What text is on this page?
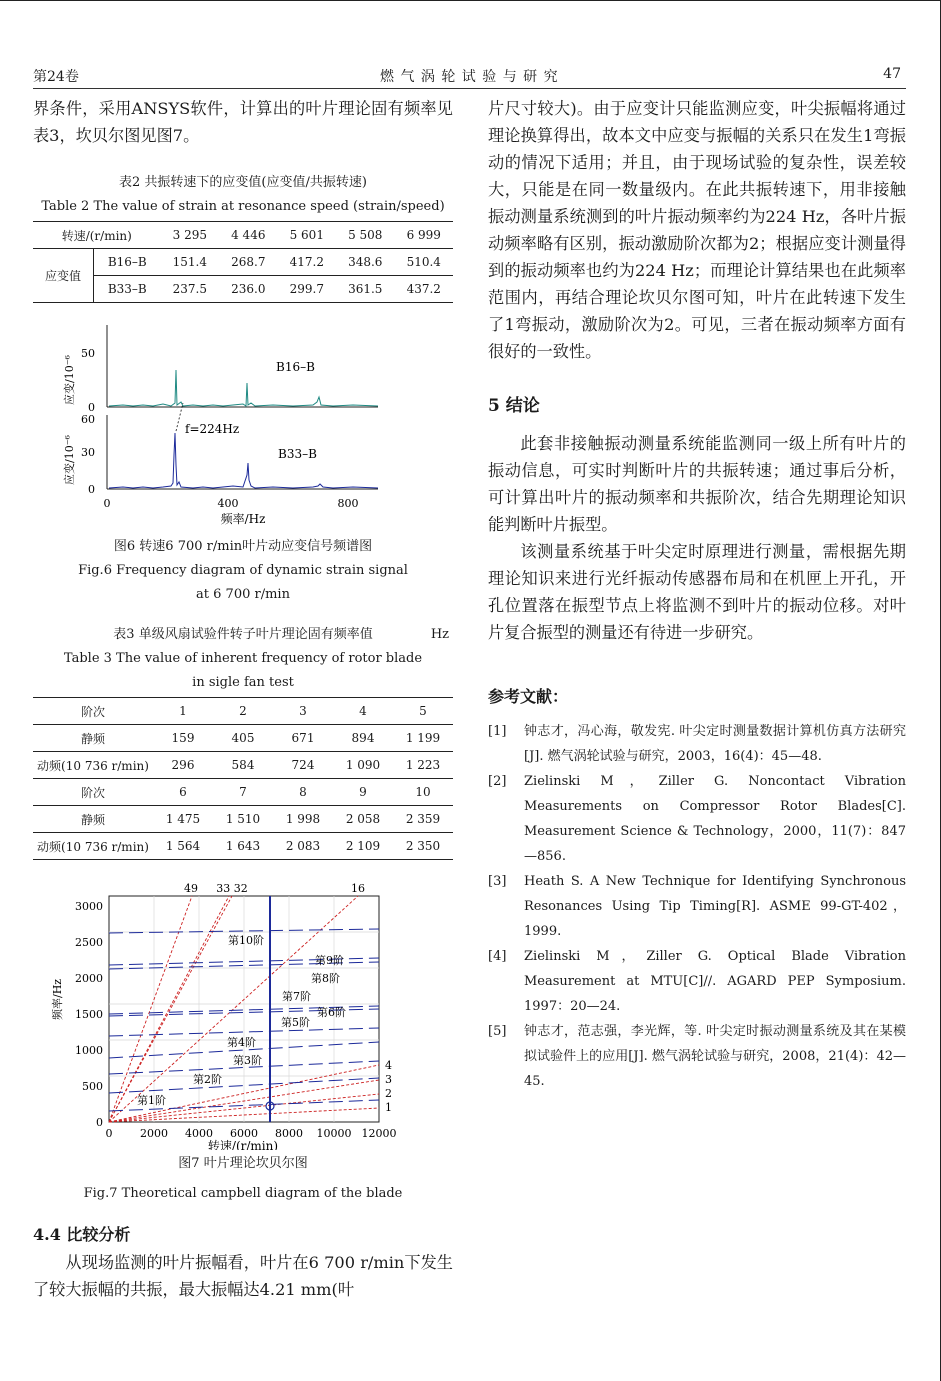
第24卷	燃 气 涡 轮 试 验 与 研 究	47

界条件，采用ANSYS软件，计算出的叶片理论固有频率见表3，坎贝尔图见图7。

表2 共振转速下的应变值(应变值/共振转速)
Table 2 The value of strain at resonance speed (strain/speed)
转速/(r/min)		3 295	4 446	5 601	5 508	6 999
应变值	B16–B	151.4	268.7	417.2	348.6	510.4
	B33–B	237.5	236.0	299.7	361.5	437.2
50
0
60
30
0
0	400	800
频率/Hz
B16–B
B33–B
f=224Hz
应变/10⁻⁶
应变/10⁻⁶
图6 转速6 700 r/min叶片动应变信号频谱图
Fig.6 Frequency diagram of dynamic strain signal
at 6 700 r/min
表3 单级风扇试验件转子叶片理论固有频率值	Hz
Table 3 The value of inherent frequency of rotor blade
in sigle fan test
阶次	1	2	3	4	5
静频	159	405	671	894	1 199
动频(10 736 r/min)	296	584	724	1 090	1 223
阶次	6	7	8	9	10
静频	1 475	1 510	1 998	2 058	2 359
动频(10 736 r/min)	1 564	1 643	2 083	2 109	2 350
0
500
1000
1500
2000
2500
3000
0	2000 4000 6000 8000 10000 12000
转速/(r/min)
频率/Hz
49 33 32	16
4
3
2
1
第10阶
第9阶
第8阶
第7阶
第6阶
第5阶
第4阶
第3阶
第2阶
第1阶
图7 叶片理论坎贝尔图
Fig.7 Theoretical campbell diagram of the blade

4.4 比较分析

从现场监测的叶片振幅看，叶片在6 700 r/min下发生了较大振幅的共振，最大振幅达4.21 mm(叶

片尺寸较大)。由于应变计只能监测应变，叶尖振幅将通过理论换算得出，故本文中应变与振幅的关系只在发生1弯振动的情况下适用；并且，由于现场试验的复杂性，误差较大，只能是在同一数量级内。在此共振转速下，用非接触振动测量系统测到的叶片振动频率约为224 Hz，各叶片振动频率略有区别，振动激励阶次都为2；根据应变计测量得到的振动频率也约为224 Hz；而理论计算结果也在此频率范围内，再结合理论坎贝尔图可知，叶片在此转速下发生了1弯振动，激励阶次为2。可见，三者在振动频率方面有很好的一致性。

5 结论

此套非接触振动测量系统能监测同一级上所有叶片的振动信息，可实时判断叶片的共振转速；通过事后分析，可计算出叶片的振动频率和共振阶次，结合先期理论知识能判断叶片振型。

该测量系统基于叶尖定时原理进行测量，需根据先期理论知识来进行光纤振动传感器布局和在机匣上开孔，开孔位置落在振型节点上将监测不到叶片的振动位移。对叶片复合振型的测量还有待进一步研究。

参考文献：

[1]	钟志才，冯心海，敬发宪. 叶尖定时测量数据计算机仿真方法研究[J]. 燃气涡轮试验与研究，2003，16(4)：45—48.
[2]	Zielinski M，Ziller G. Noncontact Vibration Measurements on Compressor Rotor Blades[C]. Measurement Science & Technology，2000，11(7)：847—856.
[3]	Heath S. A New Technique for Identifying Synchronous Resonances Using Tip Timing[R]. ASME 99-GT-402，1999.
[4]	Zielinski M，Ziller G. Optical Blade Vibration Measurement at MTU[C]//. AGARD PEP Symposium. 1997：20—24.
[5]	钟志才，范志强，李光辉，等. 叶尖定时振动测量系统及其在某模拟试验件上的应用[J]. 燃气涡轮试验与研究，2008，21(4)：42—45.
